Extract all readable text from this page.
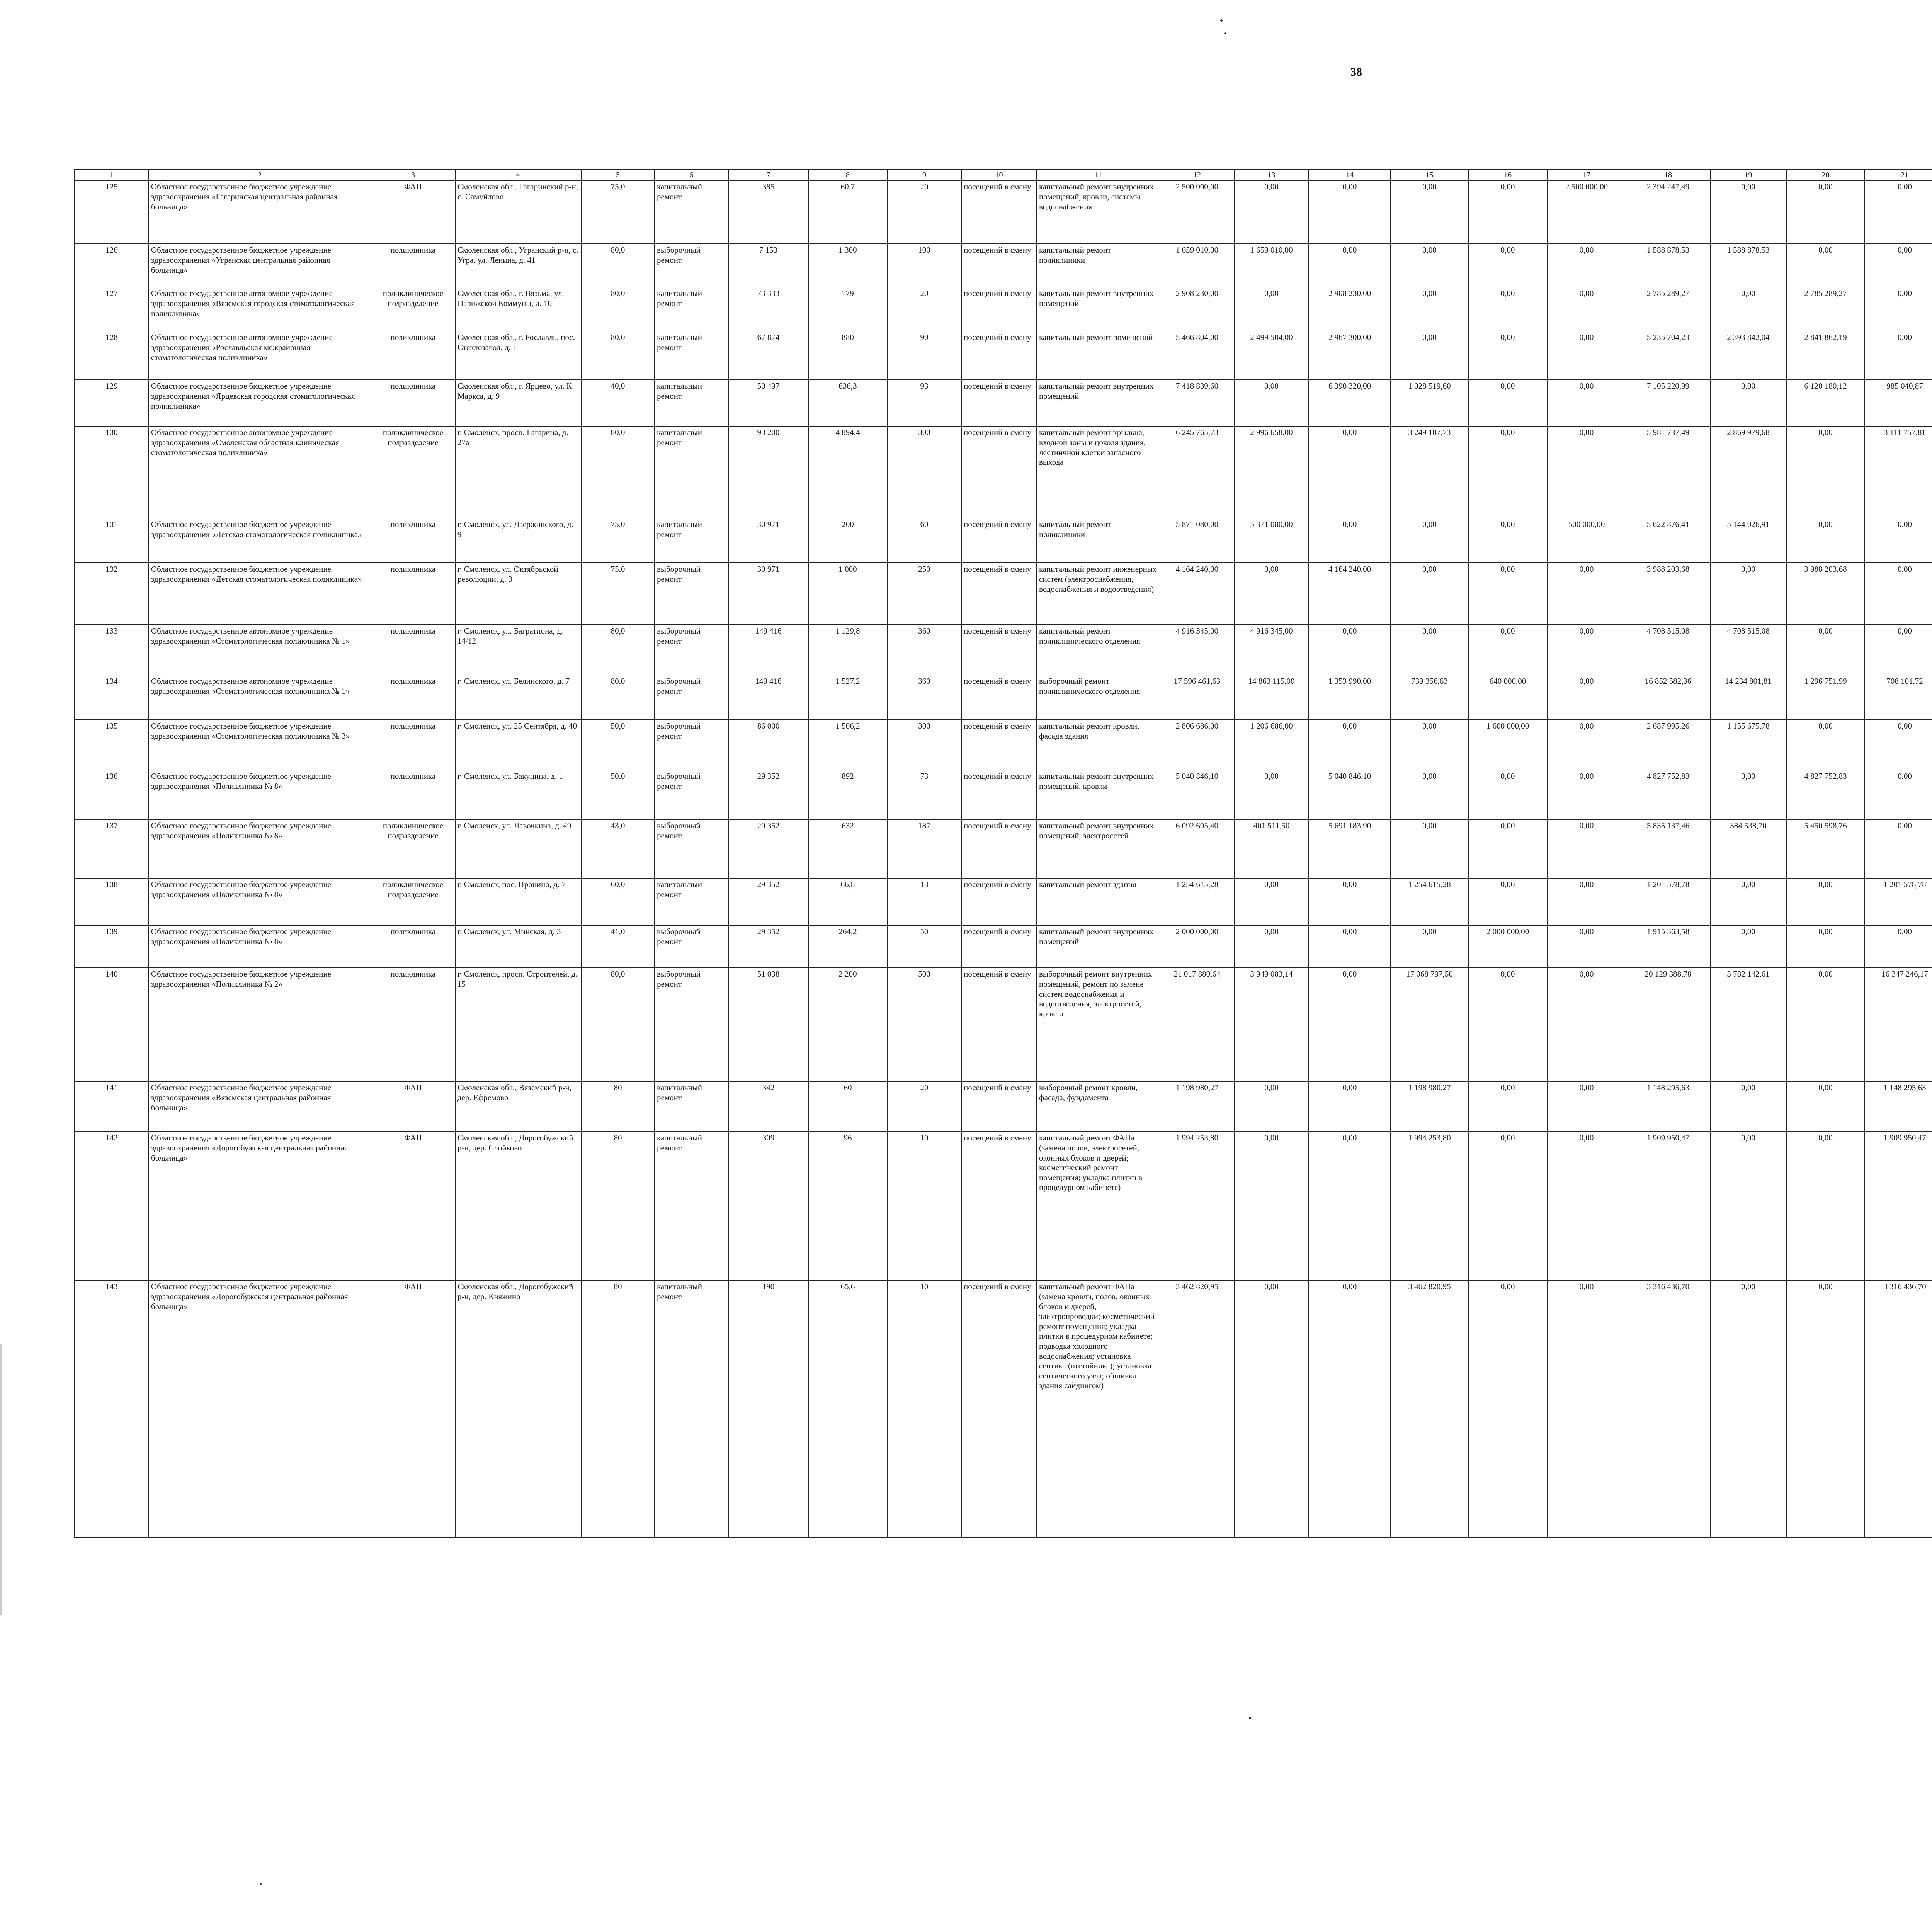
38
1	2	3	4	5	6	7	8	9	10	11	12	13	14	15	16	17	18	19	20	21									
125	Областное государственное бюджетное учреждение здравоохранения «Гагаринская центральная районная больница»	ФАП	Смоленская обл., Гагаринский р-н, с. Самуйлово	75,0	капитальный ремонт	385	60,7	20	посещений в смену	капитальный ремонт внутренних помещений, кровли, системы водоснабжения	2 500 000,00	0,00	0,00	0,00	0,00	2 500 000,00	2 394 247,49	0,00	0,00	0,00									
126	Областное государственное бюджетное учреждение здравоохранения «Угранская центральная районная больница»	поликлиника	Смоленская обл., Угранский р-н, с. Угра, ул. Ленина, д. 41	80,0	выборочный ремонт	7 153	1 300	100	посещений в смену	капитальный ремонт поликлиники	1 659 010,00	1 659 010,00	0,00	0,00	0,00	0,00	1 588 878,53	1 588 878,53	0,00	0,00									
127	Областное государственное автономное учреждение здравоохранения «Вяземская городская стоматологическая поликлиника»	поликлиническое подразделение	Смоленская обл., г. Вязьма, ул. Парижской Коммуны, д. 10	80,0	капитальный ремонт	73 333	179	20	посещений в смену	капитальный ремонт внутренних помещений	2 908 230,00	0,00	2 908 230,00	0,00	0,00	0,00	2 785 289,27	0,00	2 785 289,27	0,00									
128	Областное государственное автономное учреждение здравоохранения «Рославльская межрайонная стоматологическая поликлиника»	поликлиника	Смоленская обл., г. Рославль, пос. Стеклозавод, д. 1	80,0	капитальный ремонт	67 874	880	90	посещений в смену	капитальный ремонт помещений	5 466 804,00	2 499 504,00	2 967 300,00	0,00	0,00	0,00	5 235 704,23	2 393 842,04	2 841 862,19	0,00									
129	Областное государственное бюджетное учреждение здравоохранения «Ярцевская городская стоматологическая поликлиника»	поликлиника	Смоленская обл., г. Ярцево, ул. К. Маркса, д. 9	40,0	капитальный ремонт	50 497	636,3	93	посещений в смену	капитальный ремонт внутренних помещений	7 418 839,60	0,00	6 390 320,00	1 028 519,60	0,00	0,00	7 105 220,99	0,00	6 120 180,12	985 040,87									
130	Областное государственное автономное учреждение здравоохранения «Смоленская областная клиническая стоматологическая поликлиника»	поликлиническое подразделение	г. Смоленск, просп. Гагарина, д. 27а	80,0	капитальный ремонт	93 200	4 894,4	300	посещений в смену	капитальный ремонт крыльца, входной зоны и цоколя здания, лестничной клетки запасного выхода	6 245 765,73	2 996 658,00	0,00	3 249 107,73	0,00	0,00	5 981 737,49	2 869 979,68	0,00	3 111 757,81									
131	Областное государственное бюджетное учреждение здравоохранения «Детская стоматологическая поликлиника»	поликлиника	г. Смоленск, ул. Дзержинского, д. 9	75,0	капитальный ремонт	30 971	200	60	посещений в смену	капитальный ремонт поликлиники	5 871 080,00	5 371 080,00	0,00	0,00	0,00	500 000,00	5 622 876,41	5 144 026,91	0,00	0,00									
132	Областное государственное бюджетное учреждение здравоохранения «Детская стоматологическая поликлиника»	поликлиника	г. Смоленск, ул. Октябрьской революции, д. 3	75,0	выборочный ремонт	30 971	1 000	250	посещений в смену	капитальный ремонт инженерных систем (электроснабжения, водоснабжения и водоотведения)	4 164 240,00	0,00	4 164 240,00	0,00	0,00	0,00	3 988 203,68	0,00	3 988 203,68	0,00									
133	Областное государственное автономное учреждение здравоохранения «Стоматологическая поликлиника № 1»	поликлиника	г. Смоленск, ул. Багратиона, д. 14/12	80,0	выборочный ремонт	149 416	1 129,8	360	посещений в смену	капитальный ремонт поликлинического отделения	4 916 345,00	4 916 345,00	0,00	0,00	0,00	0,00	4 708 515,08	4 708 515,08	0,00	0,00									
134	Областное государственное автономное учреждение здравоохранения «Стоматологическая поликлиника № 1»	поликлиника	г. Смоленск, ул. Белинского, д. 7	80,0	выборочный ремонт	149 416	1 527,2	360	посещений в смену	выборочный ремонт поликлинического отделения	17 596 461,63	14 863 115,00	1 353 990,00	739 356,63	640 000,00	0,00	16 852 582,36	14 234 801,81	1 296 751,99	708 101,72									
135	Областное государственное бюджетное учреждение здравоохранения «Стоматологическая поликлиника № 3»	поликлиника	г. Смоленск, ул. 25 Сентября, д. 40	50,0	выборочный ремонт	86 000	1 506,2	300	посещений в смену	капитальный ремонт кровли, фасада здания	2 806 686,00	1 206 686,00	0,00	0,00	1 600 000,00	0,00	2 687 995,26	1 155 675,78	0,00	0,00									
136	Областное государственное бюджетное учреждение здравоохранения «Поликлиника № 8»	поликлиника	г. Смоленск, ул. Бакунина, д. 1	50,0	выборочный ремонт	29 352	892	73	посещений в смену	капитальный ремонт внутренних помещений, кровли	5 040 846,10	0,00	5 040 846,10	0,00	0,00	0,00	4 827 752,83	0,00	4 827 752,83	0,00									
137	Областное государственное бюджетное учреждение здравоохранения «Поликлиника № 8»	поликлиническое подразделение	г. Смоленск, ул. Лавочкина, д. 49	43,0	выборочный ремонт	29 352	632	187	посещений в смену	капитальный ремонт внутренних помещений, электросетей	6 092 695,40	401 511,50	5 691 183,90	0,00	0,00	0,00	5 835 137,46	384 538,70	5 450 598,76	0,00									
138	Областное государственное бюджетное учреждение здравоохранения «Поликлиника № 8»	поликлиническое подразделение	г. Смоленск, пос. Пронино, д. 7	60,0	капитальный ремонт	29 352	66,8	13	посещений в смену	капитальный ремонт здания	1 254 615,28	0,00	0,00	1 254 615,28	0,00	0,00	1 201 578,78	0,00	0,00	1 201 578,78									
139	Областное государственное бюджетное учреждение здравоохранения «Поликлиника № 8»	поликлиника	г. Смоленск, ул. Минская, д. 3	41,0	выборочный ремонт	29 352	264,2	50	посещений в смену	капитальный ремонт внутренних помещений	2 000 000,00	0,00	0,00	0,00	2 000 000,00	0,00	1 915 363,58	0,00	0,00	0,00									
140	Областное государственное бюджетное учреждение здравоохранения «Поликлиника № 2»	поликлиника	г. Смоленск, просп. Строителей, д. 15	80,0	выборочный ремонт	51 038	2 200	500	посещений в смену	выборочный ремонт внутренних помещений, ремонт по замене систем водоснабжения и водоотведения, электросетей, кровли	21 017 880,64	3 949 083,14	0,00	17 068 797,50	0,00	0,00	20 129 388,78	3 782 142,61	0,00	16 347 246,17									
141	Областное государственное бюджетное учреждение здравоохранения «Вяземская центральная районная больница»	ФАП	Смоленская обл., Вяземский р-н, дер. Ефремово	80	капитальный ремонт	342	60	20	посещений в смену	выборочный ремонт кровли, фасада, фундамента	1 198 980,27	0,00	0,00	1 198 980,27	0,00	0,00	1 148 295,63	0,00	0,00	1 148 295,63									
142	Областное государственное бюджетное учреждение здравоохранения «Дорогобужская центральная районная больница»	ФАП	Смоленская обл., Дорогобужский р-н, дер. Слойково	80	капитальный ремонт	309	96	10	посещений в смену	капитальный ремонт ФАПа (замена полов, электросетей, оконных блоков и дверей; косметический ремонт помещения; укладка плитки в процедурном кабинете)	1 994 253,80	0,00	0,00	1 994 253,80	0,00	0,00	1 909 950,47	0,00	0,00	1 909 950,47									
143	Областное государственное бюджетное учреждение здравоохранения «Дорогобужская центральная районная больница»	ФАП	Смоленская обл., Дорогобужский р-н, дер. Княжино	80	капитальный ремонт	190	65,6	10	посещений в смену	капитальный ремонт ФАПа (замена кровли, полов, оконных блоков и дверей, электропроводки; косметический ремонт помещения; укладка плитки в процедурном кабинете; подводка холодного водоснабжения; установка септика (отстойника); установка септического узла; обшивка здания сайдингом)	3 462 820,95	0,00	0,00	3 462 820,95	0,00	0,00	3 316 436,70	0,00	0,00	3 316 436,70									
